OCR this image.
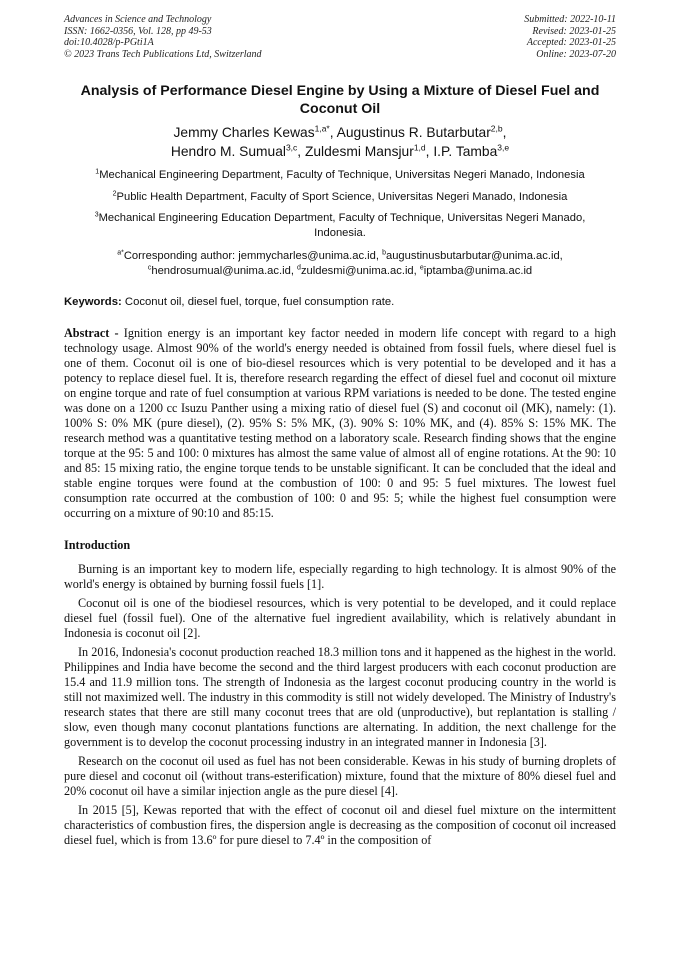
Advances in Science and Technology
ISSN: 1662-0356, Vol. 128, pp 49-53
doi:10.4028/p-PGti1A
© 2023 Trans Tech Publications Ltd, Switzerland
Submitted: 2022-10-11
Revised: 2023-01-25
Accepted: 2023-01-25
Online: 2023-07-20
Analysis of Performance Diesel Engine by Using a Mixture of Diesel Fuel and Coconut Oil
Jemmy Charles Kewas$^{1,a*}$, Augustinus R. Butarbutar$^{2,b}$,
Hendro M. Sumual$^{3,c}$, Zuldesmi Mansjur$^{1,d}$, I.P. Tamba$^{3,e}$
$^1$Mechanical Engineering Department, Faculty of Technique, Universitas Negeri Manado, Indonesia
$^2$Public Health Department, Faculty of Sport Science, Universitas Negeri Manado, Indonesia
$^3$Mechanical Engineering Education Department, Faculty of Technique, Universitas Negeri Manado, Indonesia.
$^{a*}$Corresponding author: jemmycharles@unima.ac.id, $^b$augustinusbutarbutar@unima.ac.id,
$^c$hendrosumual@unima.ac.id, $^d$zuldesmi@unima.ac.id, $^e$iptamba@unima.ac.id
Keywords: Coconut oil, diesel fuel, torque, fuel consumption rate.
Abstract - Ignition energy is an important key factor needed in modern life concept with regard to a high technology usage. Almost 90% of the world's energy needed is obtained from fossil fuels, where diesel fuel is one of them. Coconut oil is one of bio-diesel resources which is very potential to be developed and it has a potency to replace diesel fuel. It is, therefore research regarding the effect of diesel fuel and coconut oil mixture on engine torque and rate of fuel consumption at various RPM variations is needed to be done. The tested engine was done on a 1200 cc Isuzu Panther using a mixing ratio of diesel fuel (S) and coconut oil (MK), namely: (1). 100% S: 0% MK (pure diesel), (2). 95% S: 5% MK, (3). 90% S: 10% MK, and (4). 85% S: 15% MK. The research method was a quantitative testing method on a laboratory scale. Research finding shows that the engine torque at the 95: 5 and 100: 0 mixtures has almost the same value of almost all of engine rotations. At the 90: 10 and 85: 15 mixing ratio, the engine torque tends to be unstable significant. It can be concluded that the ideal and stable engine torques were found at the combustion of 100: 0 and 95: 5 fuel mixtures. The lowest fuel consumption rate occurred at the combustion of 100: 0 and 95: 5; while the highest fuel consumption were occurring on a mixture of 90:10 and 85:15.
Introduction
Burning is an important key to modern life, especially regarding to high technology. It is almost 90% of the world's energy is obtained by burning fossil fuels [1].
Coconut oil is one of the biodiesel resources, which is very potential to be developed, and it could replace diesel fuel (fossil fuel). One of the alternative fuel ingredient availability, which is relatively abundant in Indonesia is coconut oil [2].
In 2016, Indonesia's coconut production reached 18.3 million tons and it happened as the highest in the world. Philippines and India have become the second and the third largest producers with each coconut production are 15.4 and 11.9 million tons. The strength of Indonesia as the largest coconut producing country in the world is still not maximized well. The industry in this commodity is still not widely developed. The Ministry of Industry's research states that there are still many coconut trees that are old (unproductive), but replantation is stalling / slow, even though many coconut plantations functions are alternating. In addition, the next challenge for the government is to develop the coconut processing industry in an integrated manner in Indonesia [3].
Research on the coconut oil used as fuel has not been considerable. Kewas in his study of burning droplets of pure diesel and coconut oil (without trans-esterification) mixture, found that the mixture of 80% diesel fuel and 20% coconut oil have a similar injection angle as the pure diesel [4].
In 2015 [5], Kewas reported that with the effect of coconut oil and diesel fuel mixture on the intermittent characteristics of combustion fires, the dispersion angle is decreasing as the composition of coconut oil increased diesel fuel, which is from 13.6º for pure diesel to 7.4º in the composition of
